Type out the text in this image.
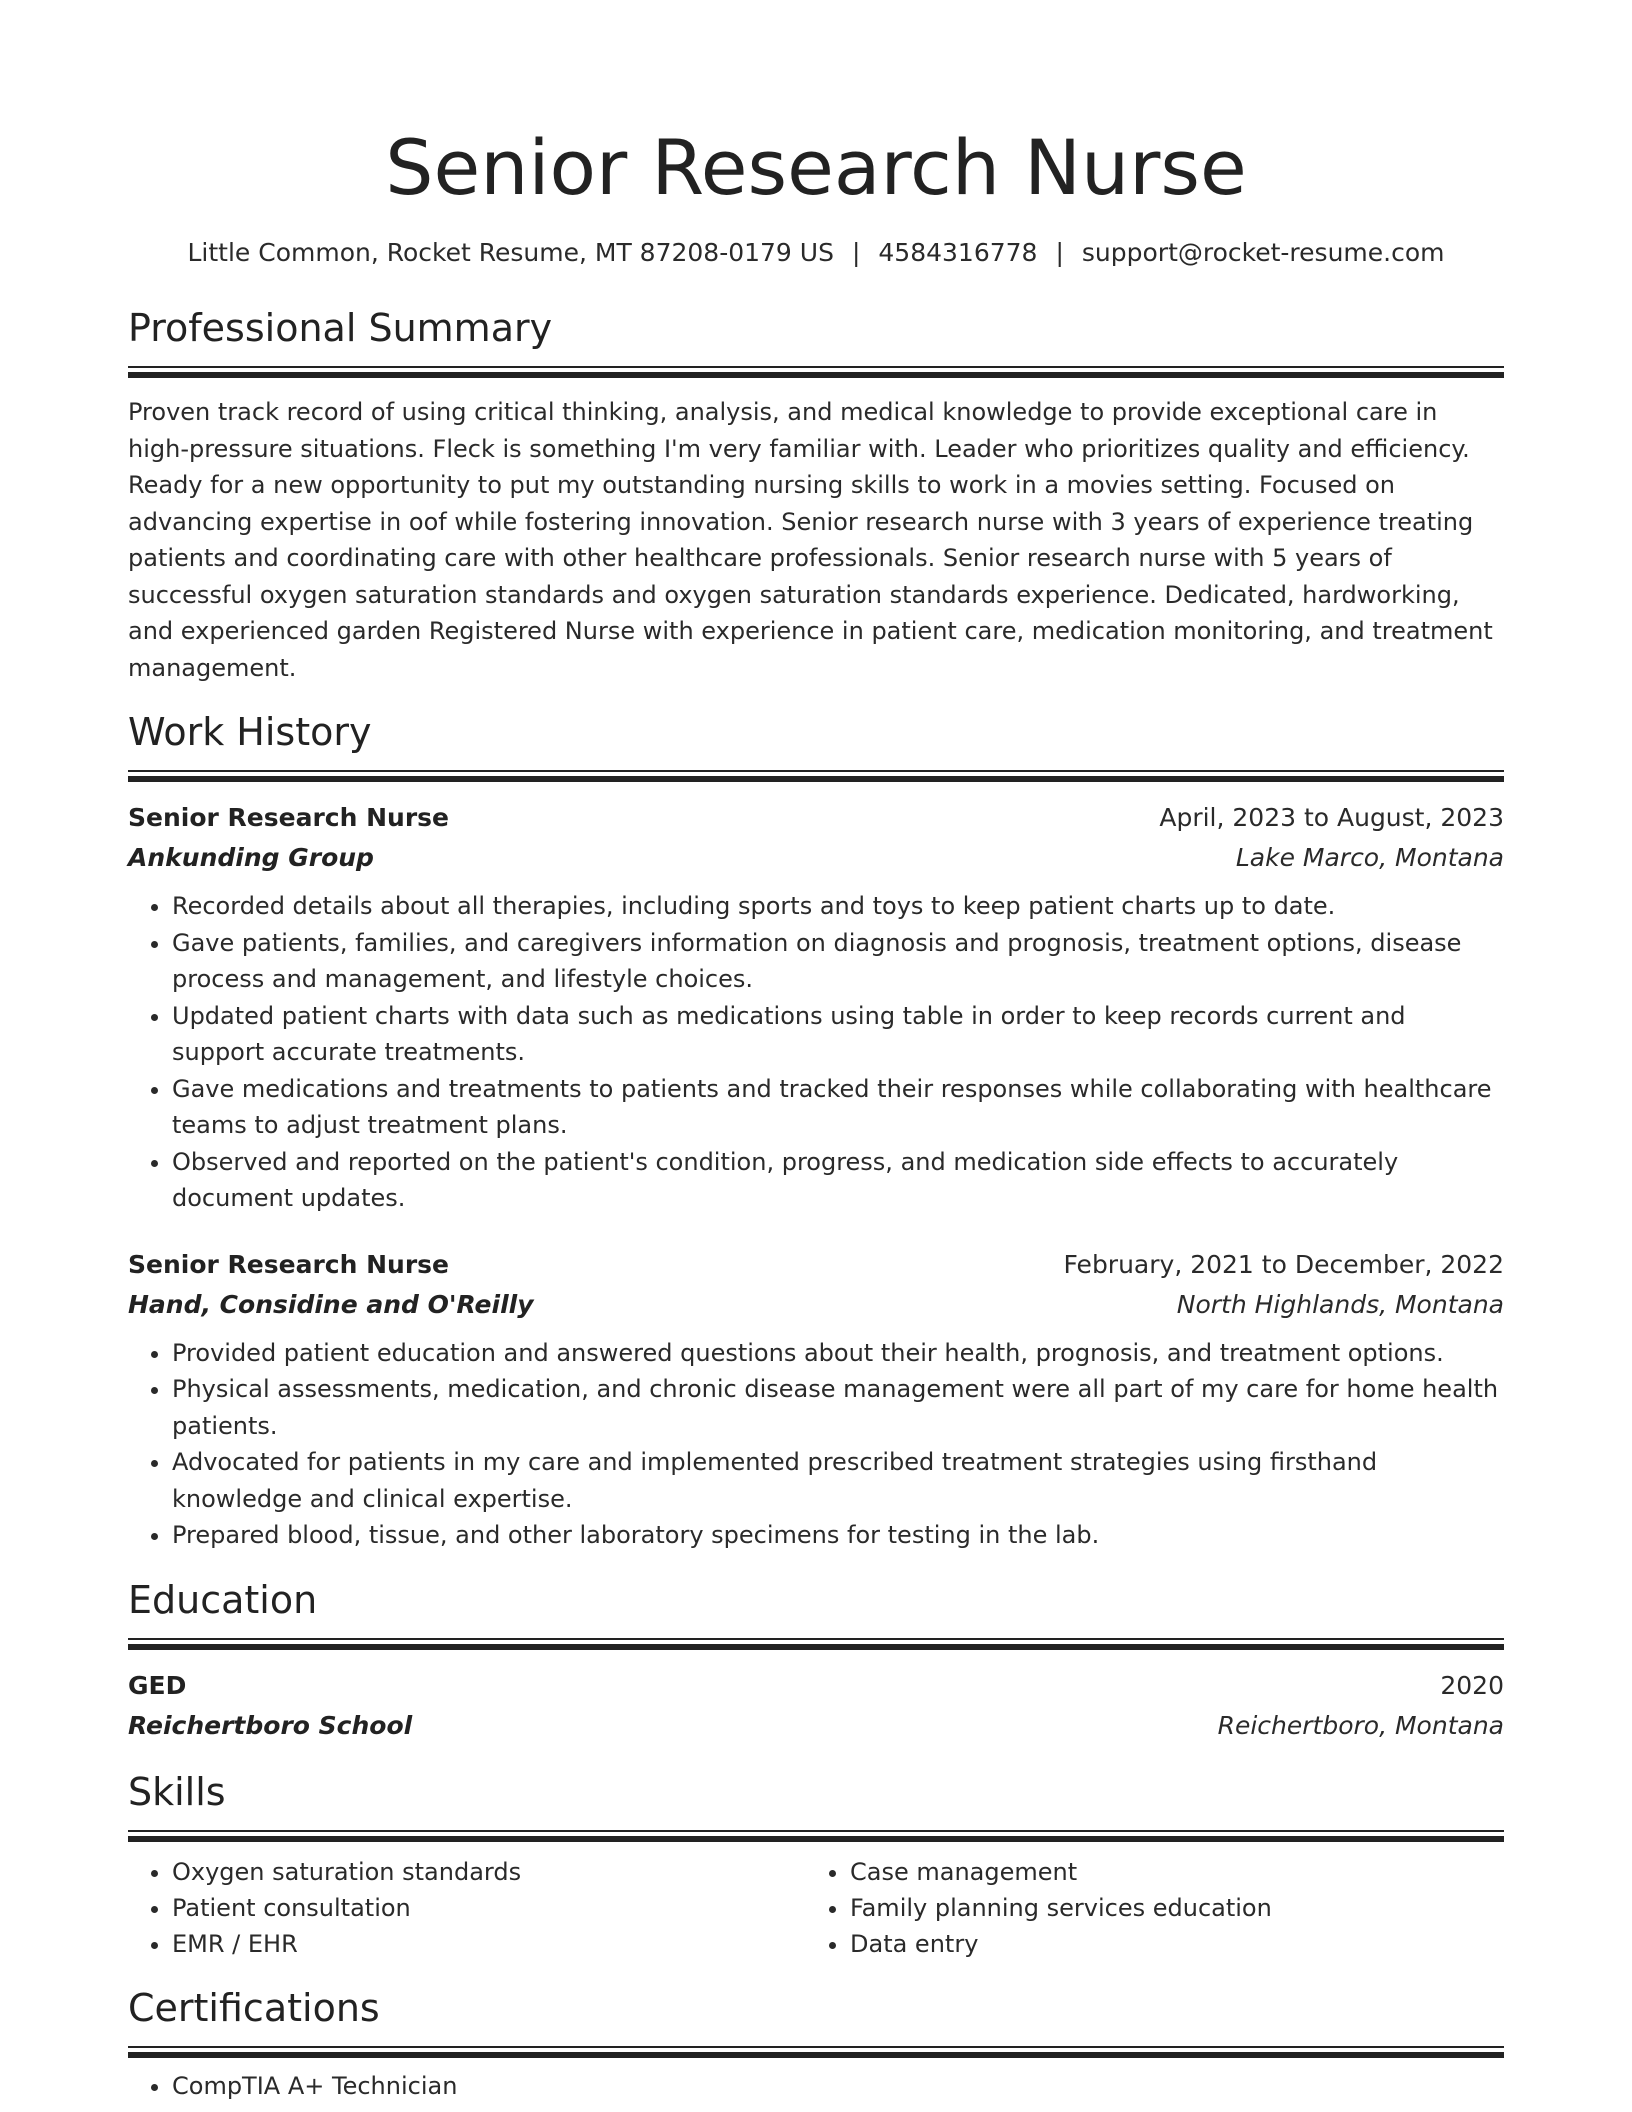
Senior Research Nurse
Little Common, Rocket Resume, MT 87208-0179 US | 4584316778 | support@rocket-resume.com
Professional Summary
Proven track record of using critical thinking, analysis, and medical knowledge to provide exceptional care in high-pressure situations. Fleck is something I'm very familiar with. Leader who prioritizes quality and efficiency. Ready for a new opportunity to put my outstanding nursing skills to work in a movies setting. Focused on advancing expertise in oof while fostering innovation. Senior research nurse with 3 years of experience treating patients and coordinating care with other healthcare professionals. Senior research nurse with 5 years of successful oxygen saturation standards and oxygen saturation standards experience. Dedicated, hardworking, and experienced garden Registered Nurse with experience in patient care, medication monitoring, and treatment management.
Work History
Senior Research Nurse	April, 2023 to August, 2023
Ankunding Group	Lake Marco, Montana
• Recorded details about all therapies, including sports and toys to keep patient charts up to date.
• Gave patients, families, and caregivers information on diagnosis and prognosis, treatment options, disease process and management, and lifestyle choices.
• Updated patient charts with data such as medications using table in order to keep records current and support accurate treatments.
• Gave medications and treatments to patients and tracked their responses while collaborating with healthcare teams to adjust treatment plans.
• Observed and reported on the patient's condition, progress, and medication side effects to accurately document updates.
Senior Research Nurse	February, 2021 to December, 2022
Hand, Considine and O'Reilly	North Highlands, Montana
• Provided patient education and answered questions about their health, prognosis, and treatment options.
• Physical assessments, medication, and chronic disease management were all part of my care for home health patients.
• Advocated for patients in my care and implemented prescribed treatment strategies using firsthand knowledge and clinical expertise.
• Prepared blood, tissue, and other laboratory specimens for testing in the lab.
Education
GED	2020
Reichertboro School	Reichertboro, Montana
Skills
• Oxygen saturation standards
• Patient consultation
• EMR / EHR
• Case management
• Family planning services education
• Data entry
Certifications
• CompTIA A+ Technician
